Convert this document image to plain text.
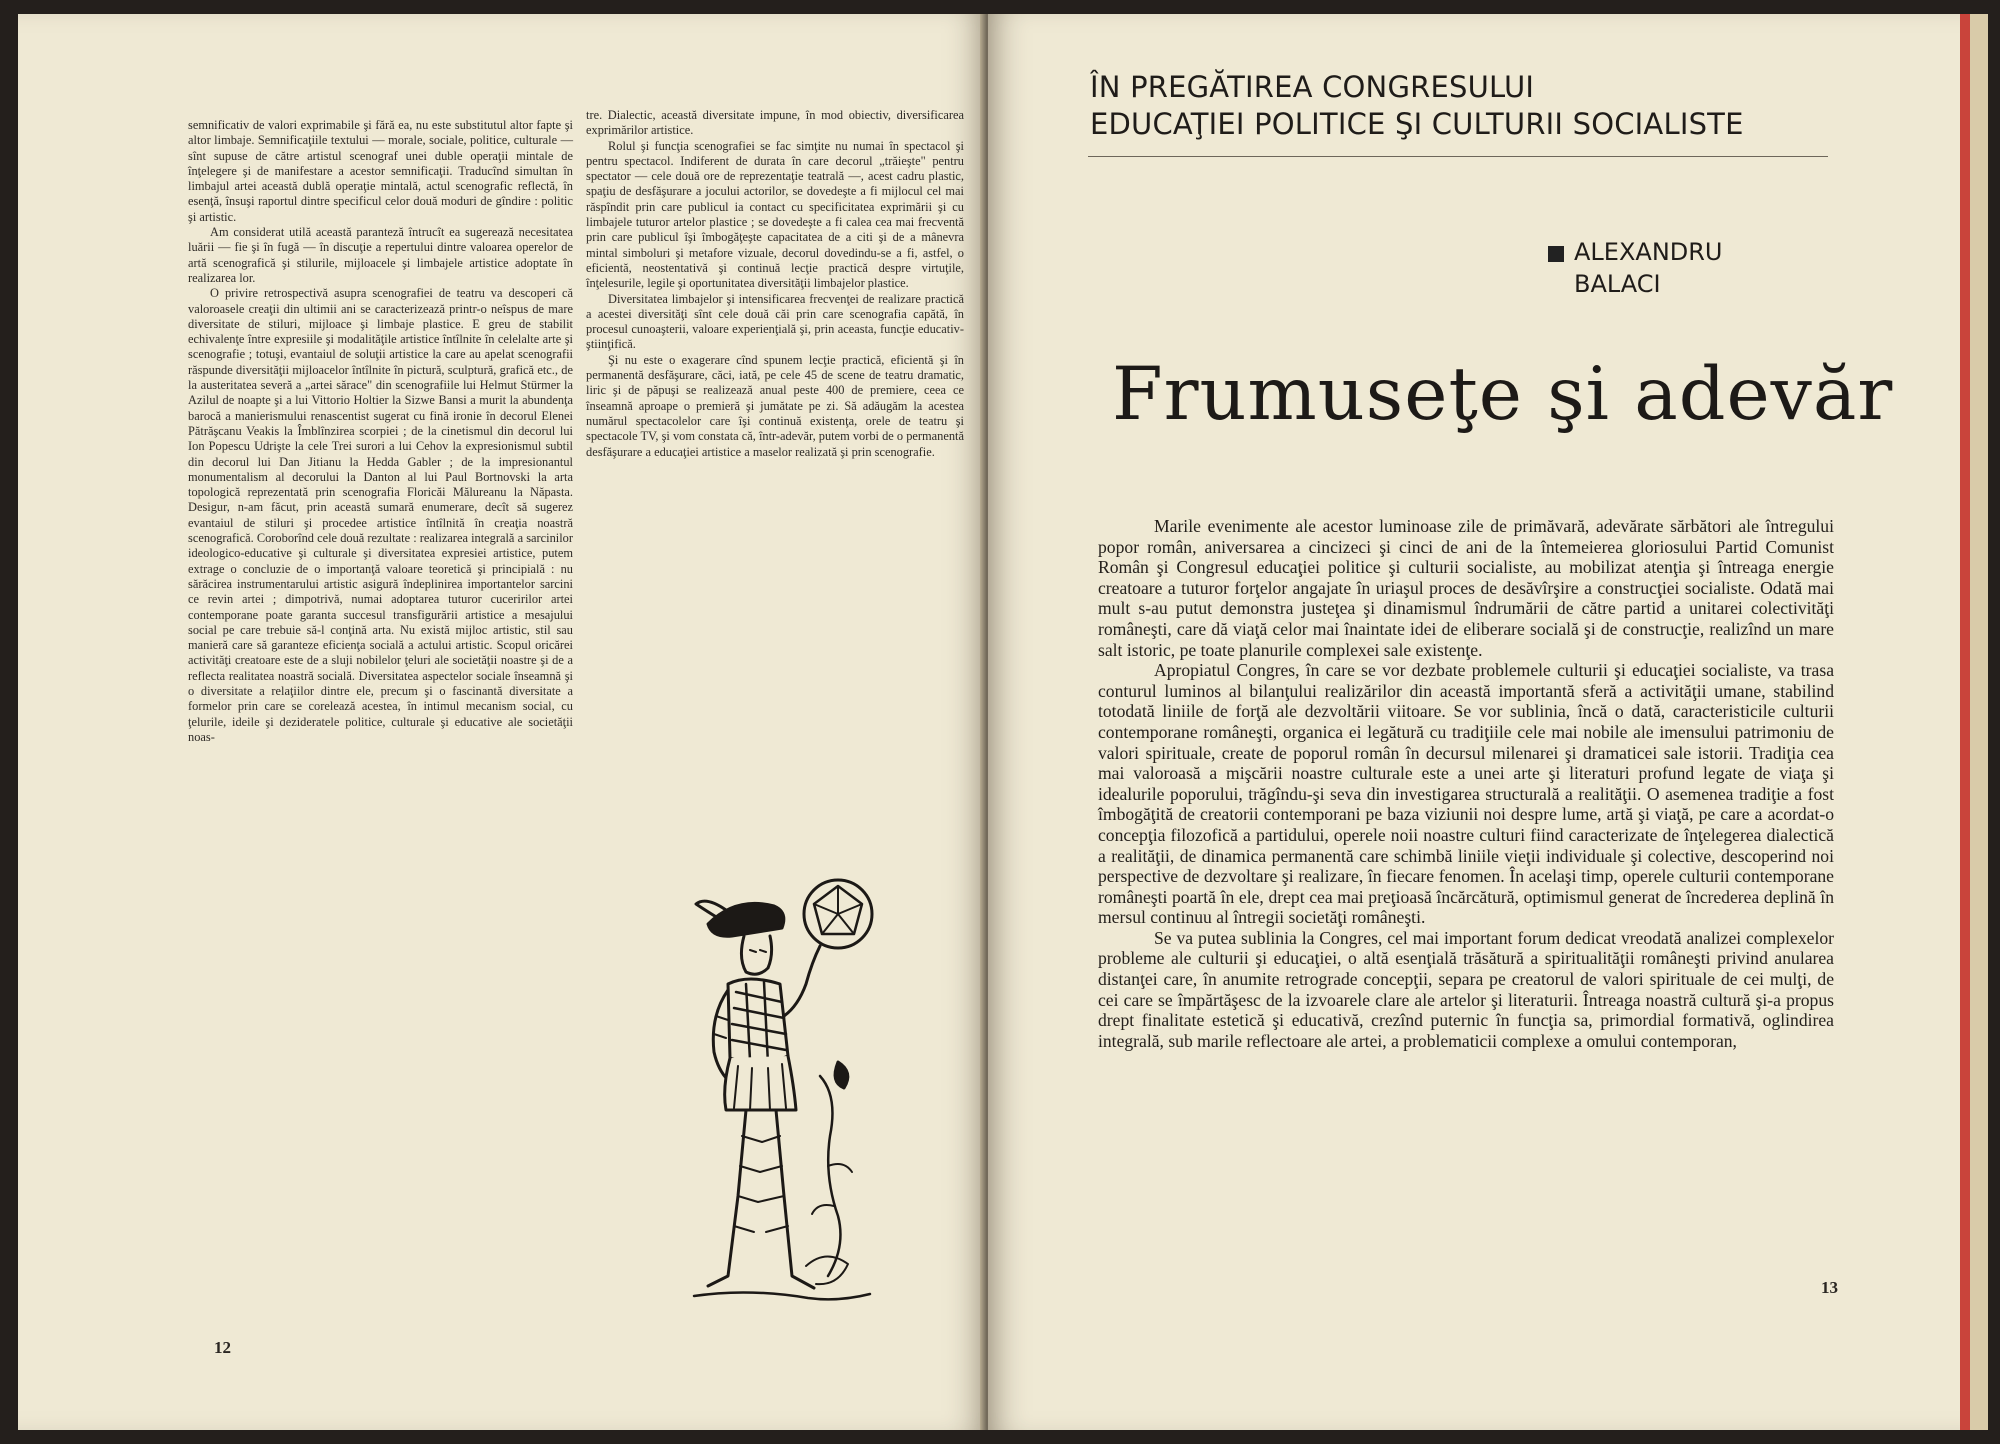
semnificativ de valori exprimabile şi fără ea, nu este substitutul altor fapte şi altor limbaje. Semnificaţiile textului — morale, sociale, politice, culturale — sînt supuse de către artistul scenograf unei duble operaţii mintale de înţelegere şi de manifestare a acestor semnificaţii. Traducînd simultan în limbajul artei această dublă operaţie mintală, actul scenografic reflectă, în esenţă, însuşi raportul dintre specificul celor două moduri de gîndire : politic şi artistic.

Am considerat utilă această paranteză întrucît ea sugerează necesitatea luării — fie şi în fugă — în discuţie a repertului dintre valoarea operelor de artă scenografică şi stilurile, mijloacele şi limbajele artistice adoptate în realizarea lor.

O privire retrospectivă asupra scenografiei de teatru va descoperi că valoroasele creaţii din ultimii ani se caracterizează printr-o neîspus de mare diversitate de stiluri, mijloace şi limbaje plastice. E greu de stabilit echivalenţe între expresiile şi modalităţile artistice întîlnite în celelalte arte şi scenografie ; totuşi, evantaiul de soluţii artistice la care au apelat scenografii răspunde diversităţii mijloacelor întîlnite în pictură, sculptură, grafică etc., de la austeritatea severă a „artei sărace" din scenografiile lui Helmut Stürmer la Azilul de noapte şi a lui Vittorio Holtier la Sizwe Bansi a murit la abundenţa barocă a manierismului renascentist sugerat cu fină ironie în decorul Elenei Pătrăşcanu Veakis la Îmblînzirea scorpiei ; de la cinetismul din decorul lui Ion Popescu Udrişte la cele Trei surori a lui Cehov la expresionismul subtil din decorul lui Dan Jitianu la Hedda Gabler ; de la impresionantul monumentalism al decorului la Danton al lui Paul Bortnovski la arta topologică reprezentată prin scenografia Floricăi Mălureanu la Năpasta. Desigur, n-am făcut, prin această sumară enumerare, decît să sugerez evantaiul de stiluri şi procedee artistice întîlnită în creaţia noastră scenografică. Coroborînd cele două rezultate : realizarea integrală a sarcinilor ideologico-educative şi culturale şi diversitatea expresiei artistice, putem extrage o concluzie de o importanţă valoare teoretică şi principială : nu sărăcirea instrumentarului artistic asigură îndeplinirea importantelor sarcini ce revin artei ; dimpotrivă, numai adoptarea tuturor cuceririlor artei contemporane poate garanta succesul transfigurării artistice a mesajului social pe care trebuie să-l conţină arta. Nu există mijloc artistic, stil sau manieră care să garanteze eficienţa socială a actului artistic. Scopul oricărei activităţi creatoare este de a sluji nobilelor ţeluri ale societăţii noastre şi de a reflecta realitatea noastră socială. Diversitatea aspectelor sociale înseamnă şi o diversitate a relaţiilor dintre ele, precum şi o fascinantă diversitate a formelor prin care se corelează acestea, în intimul mecanism social, cu ţelurile, ideile şi dezideratele politice, culturale şi educative ale societăţii noas-

tre. Dialectic, această diversitate impune, în mod obiectiv, diversificarea exprimărilor artistice.

Rolul şi funcţia scenografiei se fac simţite nu numai în spectacol şi pentru spectacol. Indiferent de durata în care decorul „trăieşte" pentru spectator — cele două ore de reprezentaţie teatrală —, acest cadru plastic, spaţiu de desfăşurare a jocului actorilor, se dovedeşte a fi mijlocul cel mai răspîndit prin care publicul ia contact cu specificitatea exprimării şi cu limbajele tuturor artelor plastice ; se dovedeşte a fi calea cea mai frecventă prin care publicul îşi îmbogăţeşte capacitatea de a citi şi de a mânevra mintal simboluri şi metafore vizuale, decorul dovedindu-se a fi, astfel, o eficientă, neostentativă şi continuă lecţie practică despre virtuţile, înţelesurile, legile şi oportunitatea diversităţii limbajelor plastice.

Diversitatea limbajelor şi intensificarea frecvenţei de realizare practică a acestei diversităţi sînt cele două căi prin care scenografia capătă, în procesul cunoaşterii, valoare experienţială şi, prin aceasta, funcţie educativ-ştiinţifică.

Şi nu este o exagerare cînd spunem lecţie practică, eficientă şi în permanentă desfăşurare, căci, iată, pe cele 45 de scene de teatru dramatic, liric şi de păpuşi se realizează anual peste 400 de premiere, ceea ce înseamnă aproape o premieră şi jumătate pe zi. Să adăugăm la acestea numărul spectacolelor care îşi continuă existenţa, orele de teatru şi spectacole TV, şi vom constata că, într-adevăr, putem vorbi de o permanentă desfăşurare a educaţiei artistice a maselor realizată şi prin scenografie.

12
ÎN PREGĂTIREA CONGRESULUI
EDUCAŢIEI POLITICE ŞI CULTURII SOCIALISTE
ALEXANDRU
BALACI
Frumuseţe şi adevăr

Marile evenimente ale acestor luminoase zile de primăvară, adevărate sărbători ale întregului popor român, aniversarea a cincizeci şi cinci de ani de la întemeierea gloriosului Partid Comunist Român şi Congresul educaţiei politice şi culturii socialiste, au mobilizat atenţia şi întreaga energie creatoare a tuturor forţelor angajate în uriaşul proces de desăvîrşire a construcţiei socialiste. Odată mai mult s-au putut demonstra justeţea şi dinamismul îndrumării de către partid a unitarei colectivităţi româneşti, care dă viaţă celor mai înaintate idei de eliberare socială şi de construcţie, realizînd un mare salt istoric, pe toate planurile complexei sale existenţe.

Apropiatul Congres, în care se vor dezbate problemele culturii şi educaţiei socialiste, va trasa conturul luminos al bilanţului realizărilor din această importantă sferă a activităţii umane, stabilind totodată liniile de forţă ale dezvoltării viitoare. Se vor sublinia, încă o dată, caracteristicile culturii contemporane româneşti, organica ei legătură cu tradiţiile cele mai nobile ale imensului patrimoniu de valori spirituale, create de poporul român în decursul milenarei şi dramaticei sale istorii. Tradiţia cea mai valoroasă a mişcării noastre culturale este a unei arte şi literaturi profund legate de viaţa şi idealurile poporului, trăgîndu-şi seva din investigarea structurală a realităţii. O asemenea tradiţie a fost îmbogăţită de creatorii contemporani pe baza viziunii noi despre lume, artă şi viaţă, pe care a acordat-o concepţia filozofică a partidului, operele noii noastre culturi fiind caracterizate de înţelegerea dialectică a realităţii, de dinamica permanentă care schimbă liniile vieţii individuale şi colective, descoperind noi perspective de dezvoltare şi realizare, în fiecare fenomen. În acelaşi timp, operele culturii contemporane româneşti poartă în ele, drept cea mai preţioasă încărcătură, optimismul generat de încrederea deplină în mersul continuu al întregii societăţi româneşti.

Se va putea sublinia la Congres, cel mai important forum dedicat vreodată analizei complexelor probleme ale culturii şi educaţiei, o altă esenţială trăsătură a spiritualităţii româneşti privind anularea distanţei care, în anumite retrograde concepţii, separa pe creatorul de valori spirituale de cei mulţi, de cei care se împărtăşesc de la izvoarele clare ale artelor şi literaturii. Întreaga noastră cultură şi-a propus drept finalitate estetică şi educativă, crezînd puternic în funcţia sa, primordial formativă, oglindirea integrală, sub marile reflectoare ale artei, a problematicii complexe a omului contemporan,

13
